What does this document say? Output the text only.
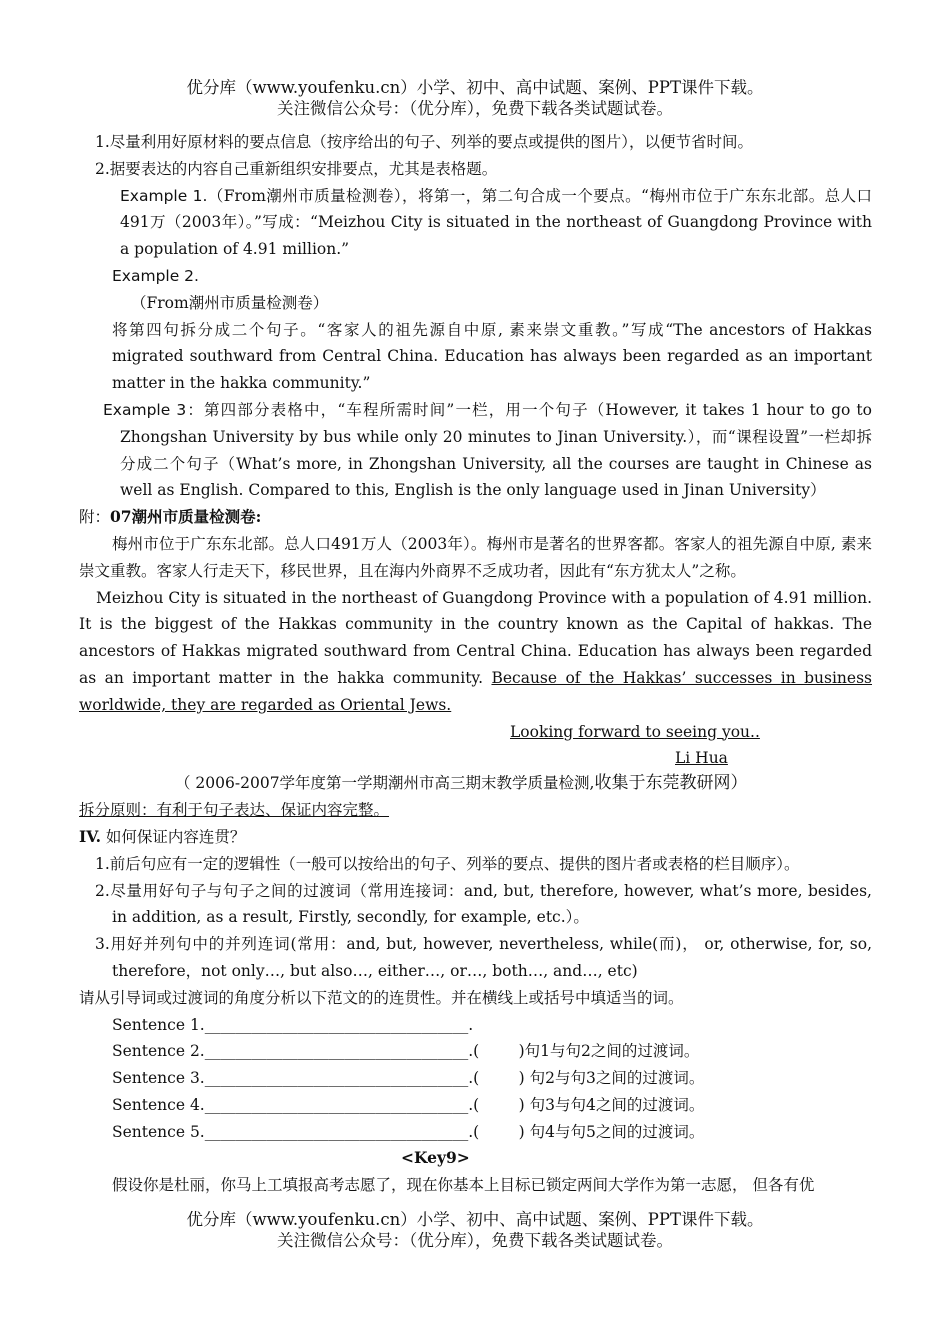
优分库（www.youfenku.cn）小学、初中、高中试题、案例、PPT课件下载。
关注微信公众号：（优分库），免费下载各类试题试卷。

1.尽量利用好原材料的要点信息（按序给出的句子、列举的要点或提供的图片），以便节省时间。

2.据要表达的内容自己重新组织安排要点，尤其是表格题。

Example 1.（From潮州市质量检测卷），将第一，第二句合成一个要点。“梅州市位于广东东北部。总人口491万（2003年）。”写成：“Meizhou City is situated in the northeast of Guangdong Province with a population of 4.91 million.”

Example 2.

（From潮州市质量检测卷）

将第四句拆分成二个句子。“客家人的祖先源自中原, 素来崇文重教。”写成“The ancestors of Hakkas migrated southward from Central China. Education has always been regarded as an important matter in the hakka community.”

Example 3：第四部分表格中，“车程所需时间”一栏，用一个句子（However, it takes 1 hour to go to Zhongshan University by bus while only 20 minutes to Jinan University.），而“课程设置”一栏却拆分成二个句子（What’s more, in Zhongshan University, all the courses are taught in Chinese as well as English. Compared to this, English is the only language used in Jinan University）

附：07潮州市质量检测卷:

梅州市位于广东东北部。总人口491万人（2003年）。梅州市是著名的世界客都。客家人的祖先源自中原, 素来崇文重教。客家人行走天下，移民世界，且在海内外商界不乏成功者，因此有“东方犹太人”之称。

Meizhou City is situated in the northeast of Guangdong Province with a population of 4.91 million. It is the biggest of the Hakkas community in the country known as the Capital of hakkas. The ancestors of Hakkas migrated southward from Central China. Education has always been regarded as an important matter in the hakka community. Because of the Hakkas’ successes in business worldwide, they are regarded as Oriental Jews.

Looking forward to seeing you..

Li Hua

（ 2006-2007学年度第一学期潮州市高三期末教学质量检测,收集于东莞教研网）

拆分原则：有利于句子表达、保证内容完整。

IV. 如何保证内容连贯？

1.前后句应有一定的逻辑性（一般可以按给出的句子、列举的要点、提供的图片者或表格的栏目顺序）。

2.尽量用好句子与句子之间的过渡词（常用连接词：and, but, therefore, however, what’s more, besides, in addition, as a result, Firstly, secondly, for example, etc.）。

3.用好并列句中的并列连词(常用：and, but, however, nevertheless, while(而)， or, otherwise, for, so, therefore，not only…, but also…, either…, or…, both…, and…, etc)

请从引导词或过渡词的角度分析以下范文的的连贯性。并在横线上或括号中填适当的词。

Sentence 1.__________________________________.

Sentence 2.__________________________________.(        )句1与句2之间的过渡词。

Sentence 3.__________________________________.(        ) 句2与句3之间的过渡词。

Sentence 4.__________________________________.(        ) 句3与句4之间的过渡词。

Sentence 5.__________________________________.(        ) 句4与句5之间的过渡词。

<Key9>

假设你是杜丽，你马上工填报高考志愿了，现在你基本上目标已锁定两间大学作为第一志愿， 但各有优

优分库（www.youfenku.cn）小学、初中、高中试题、案例、PPT课件下载。
关注微信公众号：（优分库），免费下载各类试题试卷。
